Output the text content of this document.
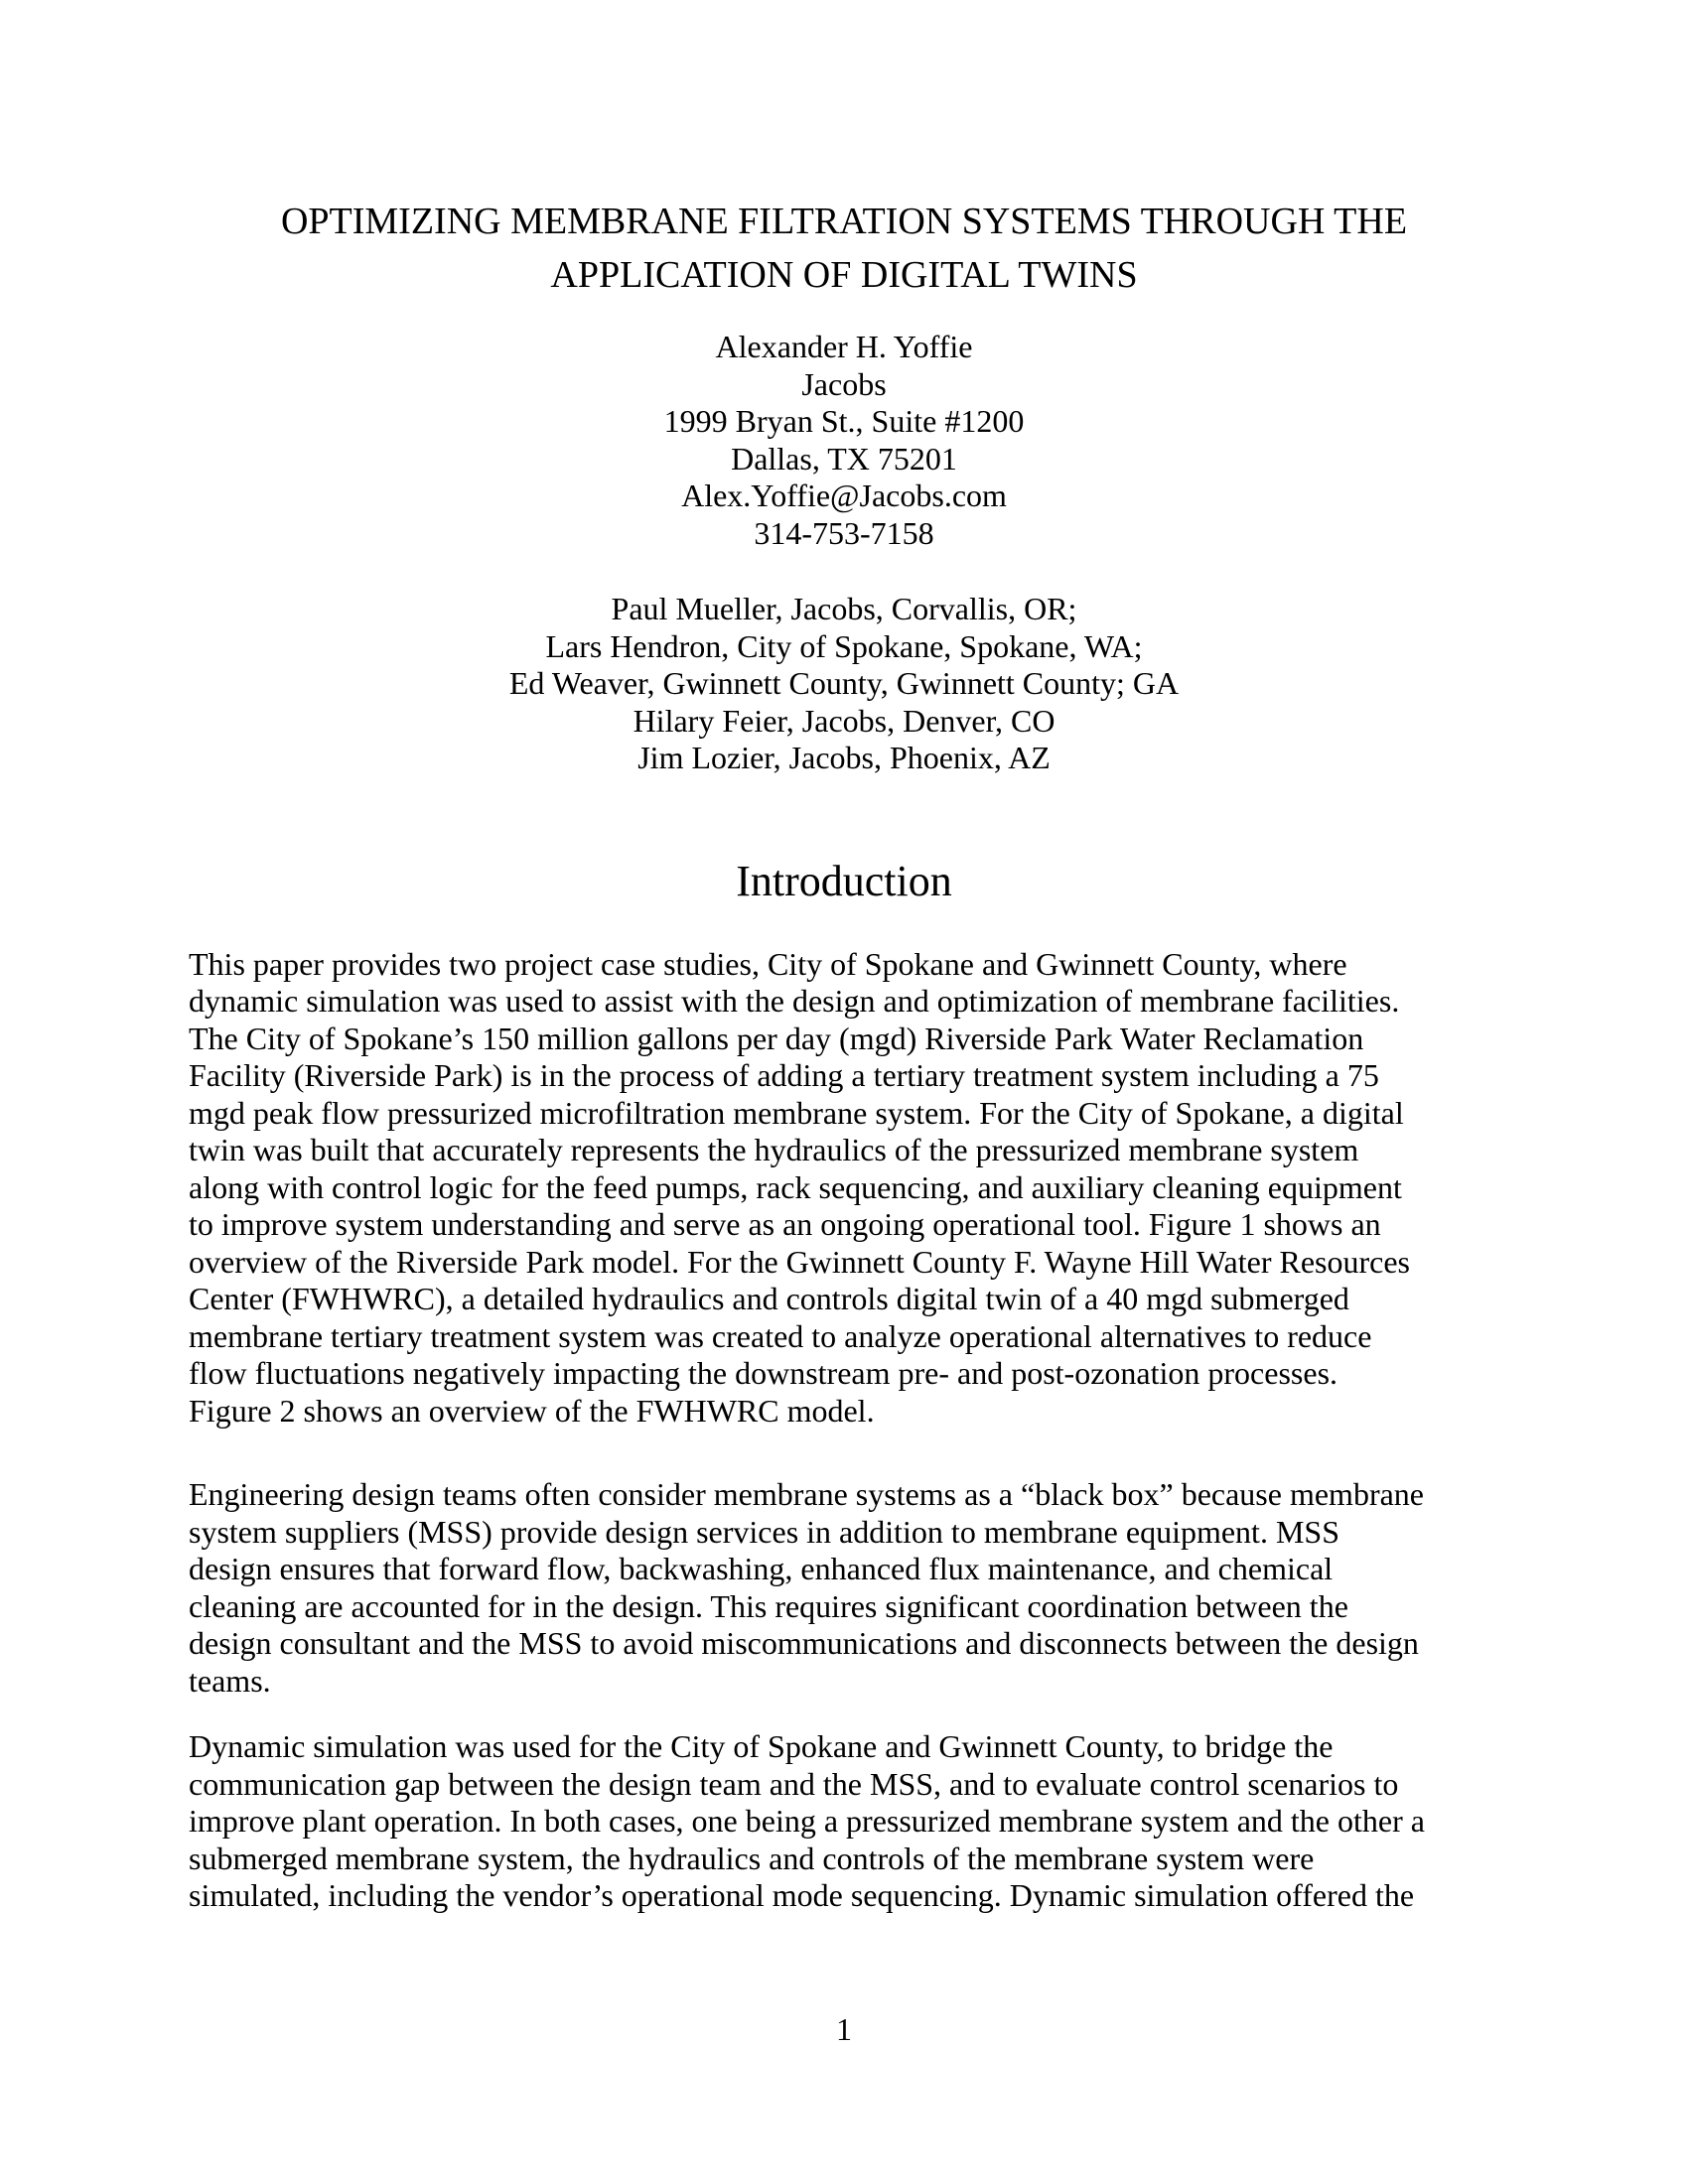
OPTIMIZING MEMBRANE FILTRATION SYSTEMS THROUGH THE
APPLICATION OF DIGITAL TWINS
Alexander H. Yoffie
Jacobs
1999 Bryan St., Suite #1200
Dallas, TX 75201
Alex.Yoffie@Jacobs.com
314-753-7158
Paul Mueller, Jacobs, Corvallis, OR;
Lars Hendron, City of Spokane, Spokane, WA;
Ed Weaver, Gwinnett County, Gwinnett County; GA
Hilary Feier, Jacobs, Denver, CO
Jim Lozier, Jacobs, Phoenix, AZ
Introduction
This paper provides two project case studies, City of Spokane and Gwinnett County, where
dynamic simulation was used to assist with the design and optimization of membrane facilities.
The City of Spokane’s 150 million gallons per day (mgd) Riverside Park Water Reclamation
Facility (Riverside Park) is in the process of adding a tertiary treatment system including a 75
mgd peak flow pressurized microfiltration membrane system. For the City of Spokane, a digital
twin was built that accurately represents the hydraulics of the pressurized membrane system
along with control logic for the feed pumps, rack sequencing, and auxiliary cleaning equipment
to improve system understanding and serve as an ongoing operational tool. Figure 1 shows an
overview of the Riverside Park model. For the Gwinnett County F. Wayne Hill Water Resources
Center (FWHWRC), a detailed hydraulics and controls digital twin of a 40 mgd submerged
membrane tertiary treatment system was created to analyze operational alternatives to reduce
flow fluctuations negatively impacting the downstream pre- and post-ozonation processes.
Figure 2 shows an overview of the FWHWRC model.
Engineering design teams often consider membrane systems as a “black box” because membrane
system suppliers (MSS) provide design services in addition to membrane equipment. MSS
design ensures that forward flow, backwashing, enhanced flux maintenance, and chemical
cleaning are accounted for in the design. This requires significant coordination between the
design consultant and the MSS to avoid miscommunications and disconnects between the design
teams.
Dynamic simulation was used for the City of Spokane and Gwinnett County, to bridge the
communication gap between the design team and the MSS, and to evaluate control scenarios to
improve plant operation. In both cases, one being a pressurized membrane system and the other a
submerged membrane system, the hydraulics and controls of the membrane system were
simulated, including the vendor’s operational mode sequencing. Dynamic simulation offered the
1
